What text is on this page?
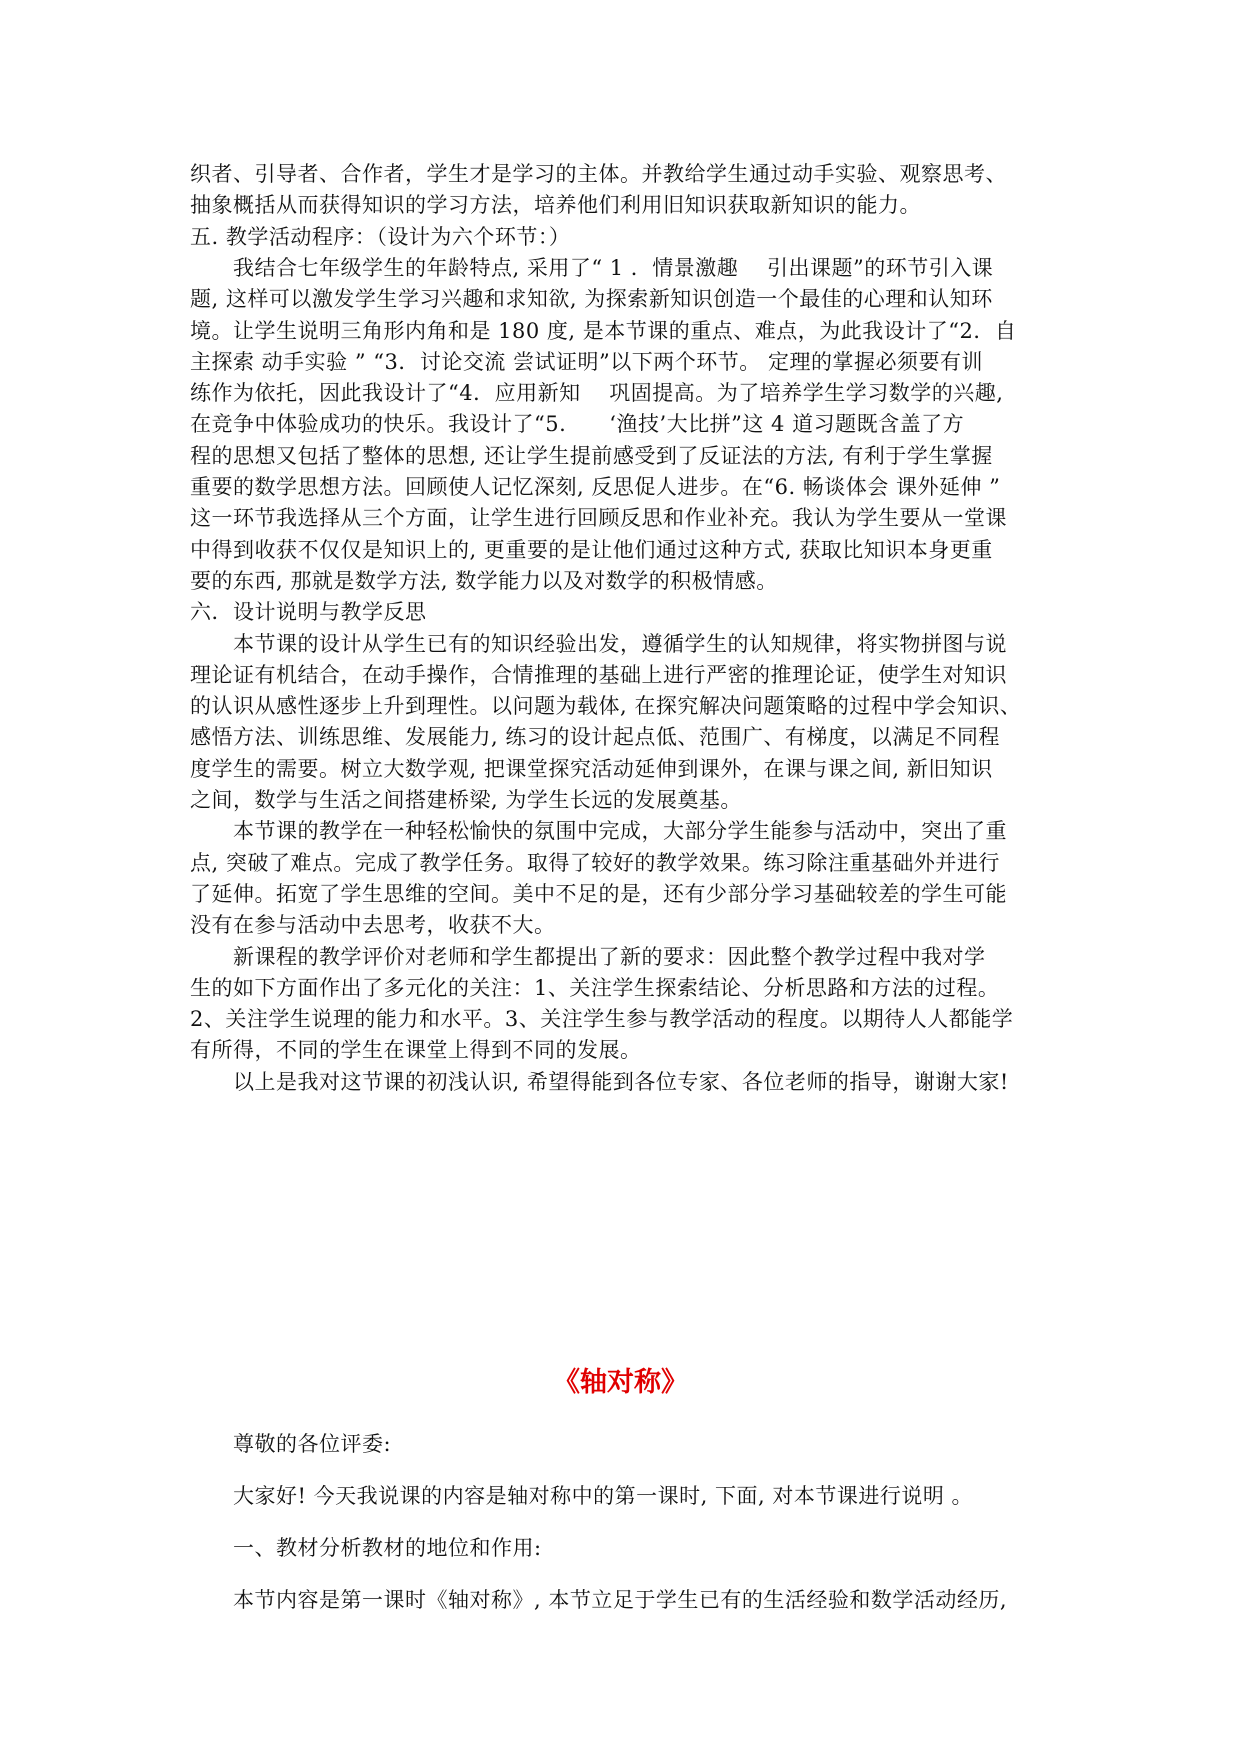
织者、引导者、合作者，学生才是学习的主体。并教给学生通过动手实验、观察思考、
抽象概括从而获得知识的学习方法，培养他们利用旧知识获取新知识的能力。
五. 教学活动程序：（设计为六个环节：）
　　我结合七年级学生的年龄特点, 采用了“ 1 ．情景激趣　 引出课题”的环节引入课
题, 这样可以激发学生学习兴趣和求知欲, 为探索新知识创造一个最佳的心理和认知环
境。让学生说明三角形内角和是 180 度, 是本节课的重点、难点，为此我设计了“2．自
主探索 动手实验 ” “3．讨论交流 尝试证明”以下两个环节。 定理的掌握必须要有训
练作为依托，因此我设计了“4．应用新知　 巩固提高。为了培养学生学习数学的兴趣,
在竞争中体验成功的快乐。我设计了“5.　　‘渔技’大比拼”这 4 道习题既含盖了方
程的思想又包括了整体的思想, 还让学生提前感受到了反证法的方法, 有利于学生掌握
重要的数学思想方法。回顾使人记忆深刻, 反思促人进步。在“6. 畅谈体会 课外延伸 ”
这一环节我选择从三个方面，让学生进行回顾反思和作业补充。我认为学生要从一堂课
中得到收获不仅仅是知识上的, 更重要的是让他们通过这种方式, 获取比知识本身更重
要的东西, 那就是数学方法, 数学能力以及对数学的积极情感。
六．设计说明与教学反思
　　本节课的设计从学生已有的知识经验出发，遵循学生的认知规律，将实物拼图与说
理论证有机结合，在动手操作，合情推理的基础上进行严密的推理论证，使学生对知识
的认识从感性逐步上升到理性。以问题为载体, 在探究解决问题策略的过程中学会知识、
感悟方法、训练思维、发展能力, 练习的设计起点低、范围广、有梯度，以满足不同程
度学生的需要。树立大数学观, 把课堂探究活动延伸到课外，在课与课之间, 新旧知识
之间，数学与生活之间搭建桥梁, 为学生长远的发展奠基。
　　本节课的教学在一种轻松愉快的氛围中完成，大部分学生能参与活动中，突出了重
点, 突破了难点。完成了教学任务。取得了较好的教学效果。练习除注重基础外并进行
了延伸。拓宽了学生思维的空间。美中不足的是，还有少部分学习基础较差的学生可能
没有在参与活动中去思考，收获不大。
　　新课程的教学评价对老师和学生都提出了新的要求：因此整个教学过程中我对学
生的如下方面作出了多元化的关注：1、关注学生探索结论、分析思路和方法的过程。
2、关注学生说理的能力和水平。3、关注学生参与教学活动的程度。以期待人人都能学
有所得，不同的学生在课堂上得到不同的发展。
　　以上是我对这节课的初浅认识, 希望得能到各位专家、各位老师的指导，谢谢大家!
《轴对称》
　　尊敬的各位评委:
　　大家好! 今天我说课的内容是轴对称中的第一课时, 下面, 对本节课进行说明 。
　　一、教材分析教材的地位和作用:
　　本节内容是第一课时《轴对称》, 本节立足于学生已有的生活经验和数学活动经历,
